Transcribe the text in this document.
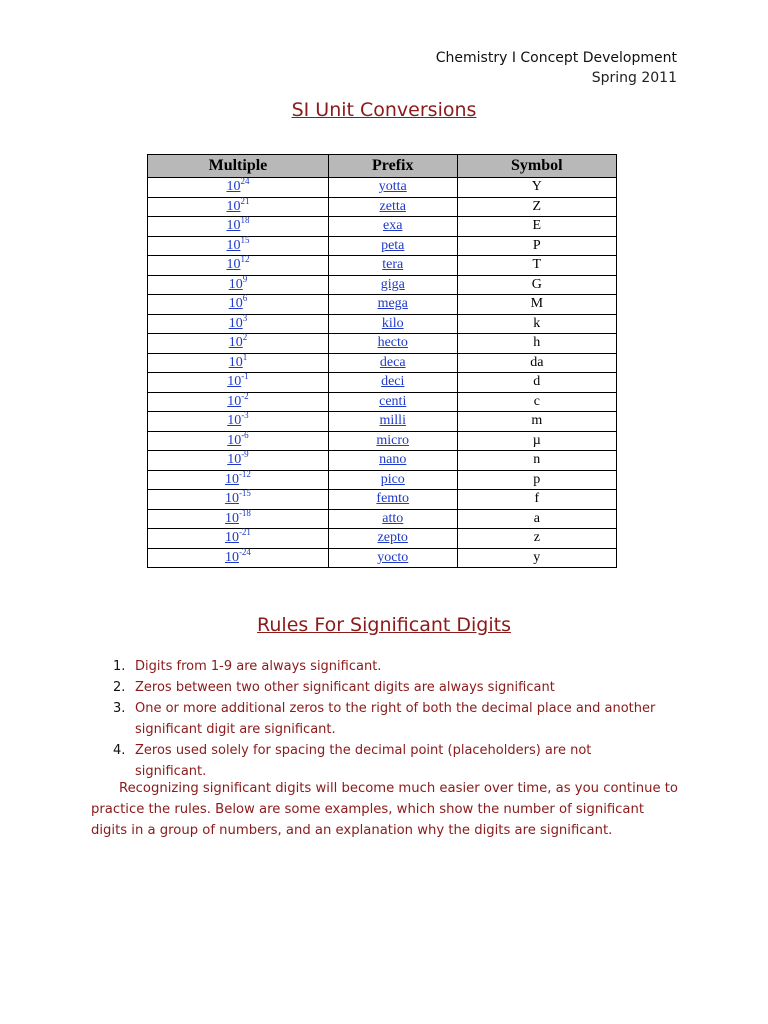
Chemistry I Concept Development
Spring 2011
SI Unit Conversions
Multiple	Prefix	Symbol
$10^{24}$	yotta	Y
$10^{21}$	zetta	Z
$10^{18}$	exa	E
$10^{15}$	peta	P
$10^{12}$	tera	T
$10^9$	giga	G
$10^6$	mega	M
$10^3$	kilo	k
$10^2$	hecto	h
$10^1$	deca	da
$10^{-1}$	deci	d
$10^{-2}$	centi	c
$10^{-3}$	milli	m
$10^{-6}$	micro	µ
$10^{-9}$	nano	n
$10^{-12}$	pico	p
$10^{-15}$	femto	f
$10^{-18}$	atto	a
$10^{-21}$	zepto	z
$10^{-24}$	yocto	y
Rules For Significant Digits
1. Digits from 1-9 are always significant.
2. Zeros between two other significant digits are always significant
3. One or more additional zeros to the right of both the decimal place and another significant digit are significant.
4. Zeros used solely for spacing the decimal point (placeholders) are not significant.

Recognizing significant digits will become much easier over time, as you continue to practice the rules. Below are some examples, which show the number of significant digits in a group of numbers, and an explanation why the digits are significant.
